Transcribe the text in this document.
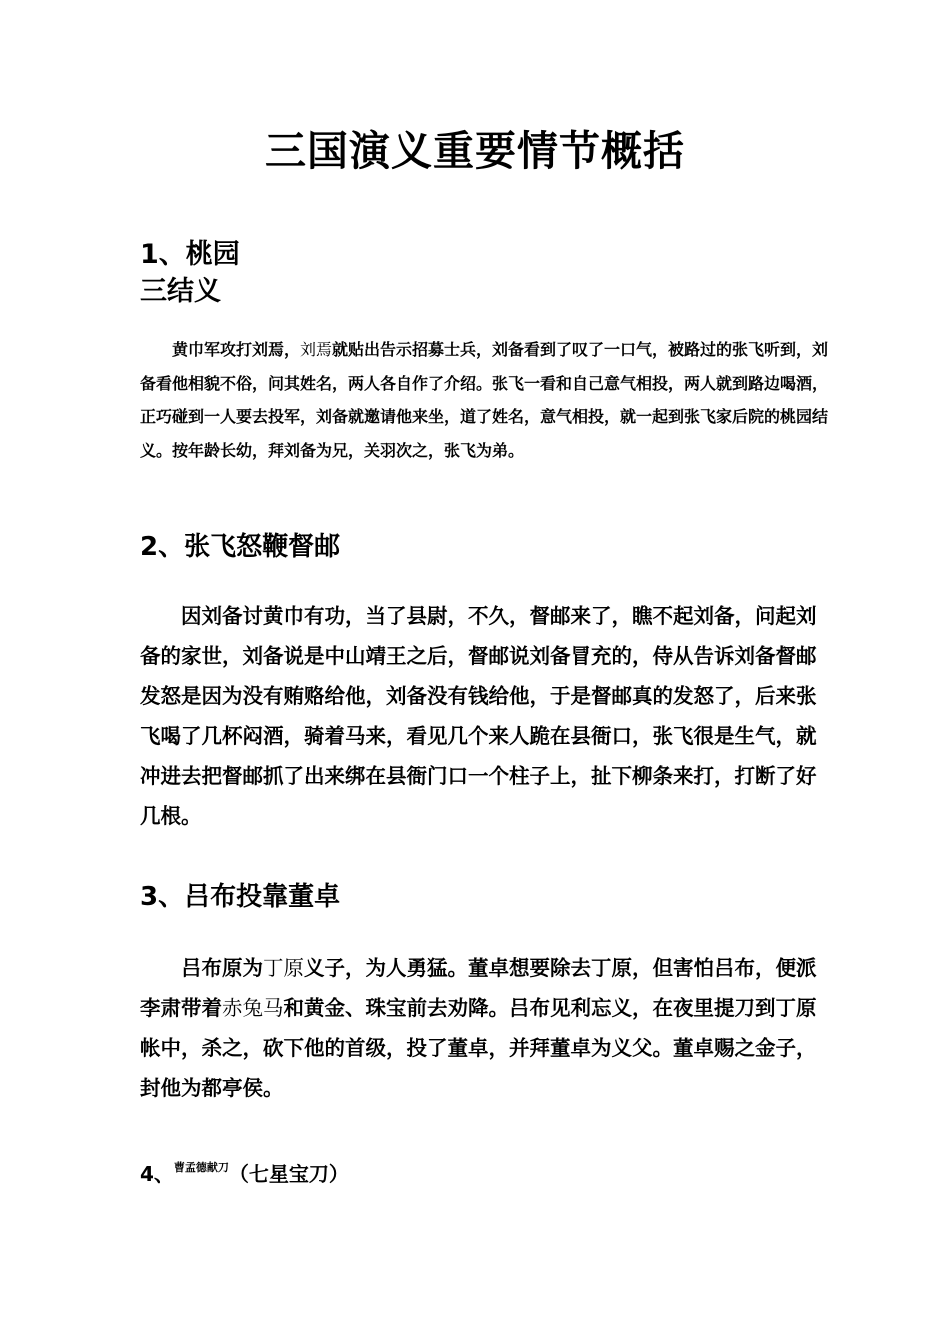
三国演义重要情节概括
1、桃园
三结义
黄巾军攻打刘焉，刘焉就贴出告示招募士兵，刘备看到了叹了一口气，被路过的张飞听到，刘备看他相貌不俗，问其姓名，两人各自作了介绍。张飞一看和自己意气相投，两人就到路边喝酒，正巧碰到一人要去投军，刘备就邀请他来坐，道了姓名，意气相投，就一起到张飞家后院的桃园结义。按年龄长幼，拜刘备为兄，关羽次之，张飞为弟。
2、张飞怒鞭督邮
因刘备讨黄巾有功，当了县尉，不久，督邮来了，瞧不起刘备，问起刘备的家世，刘备说是中山靖王之后，督邮说刘备冒充的，侍从告诉刘备督邮发怒是因为没有贿赂给他，刘备没有钱给他，于是督邮真的发怒了，后来张飞喝了几杯闷酒，骑着马来，看见几个来人跪在县衙口，张飞很是生气，就冲进去把督邮抓了出来绑在县衙门口一个柱子上，扯下柳条来打，打断了好几根。
3、吕布投靠董卓
吕布原为丁原义子，为人勇猛。董卓想要除去丁原，但害怕吕布，便派李肃带着赤兔马和黄金、珠宝前去劝降。吕布见利忘义，在夜里提刀到丁原帐中，杀之，砍下他的首级，投了董卓，并拜董卓为义父。董卓赐之金子，封他为都亭侯。
4、$^{曹孟德献刀}$（七星宝刀）
